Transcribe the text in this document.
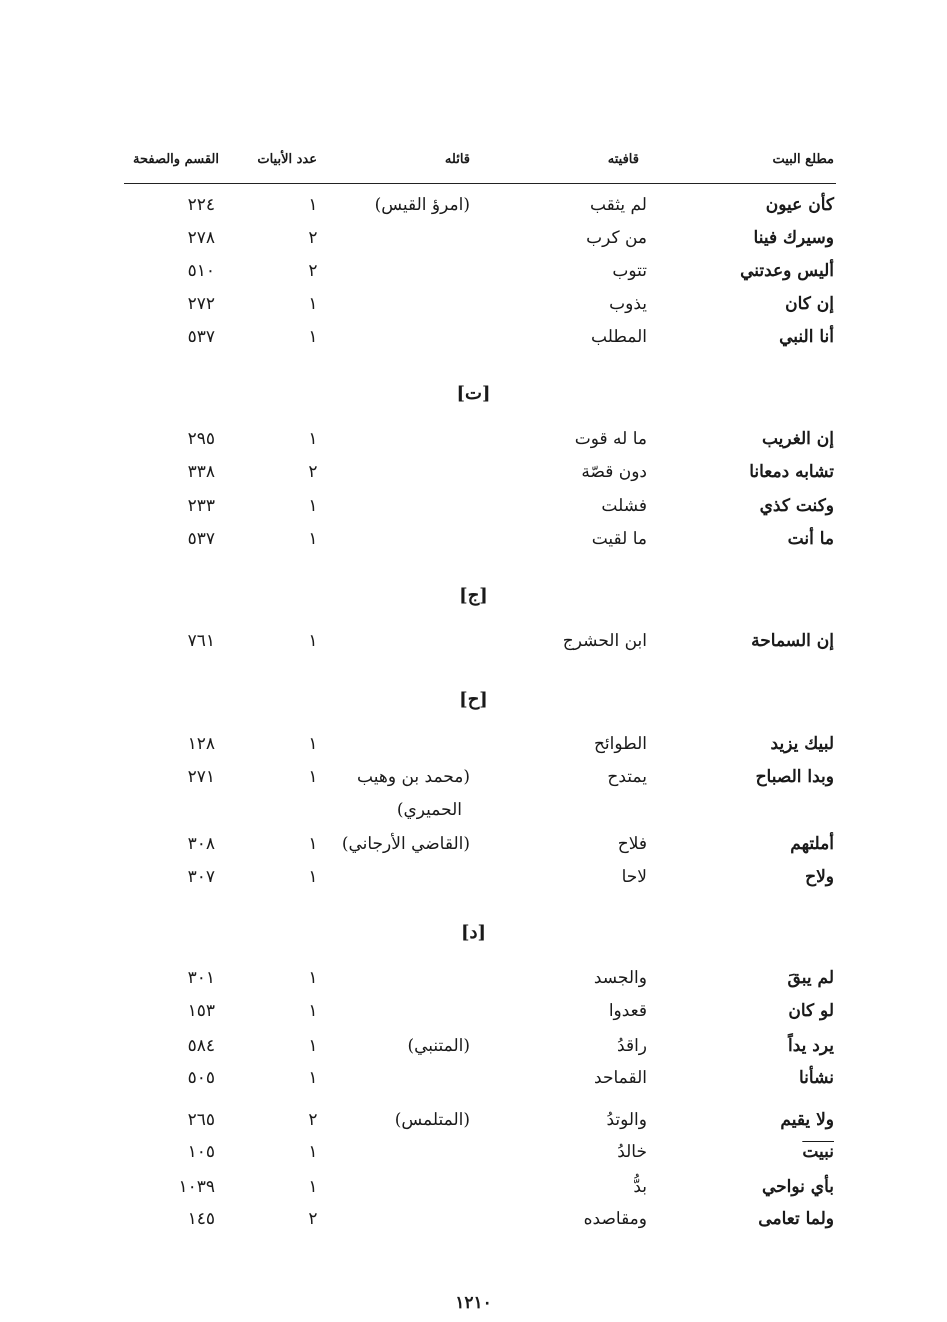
مطلع البيت
قافيته
قائله
عدد الأبيات
القسم والصفحة
كأن عيون
لم يثقب
(امرؤ القيس)
١
٢٢٤
وسيرك فينا
من كرب
٢
٢٧٨
أليس وعدتني
تتوب
٢
٥١٠
إن كان
يذوب
١
٢٧٢
أنا النبي
المطلب
١
٥٣٧
[ت]
إن الغريب
ما له قوت
١
٢٩٥
تشابه دمعانا
دون قصّة
٢
٣٣٨
وكنت كذي
فشلت
١
٢٣٣
ما أنت
ما لقيت
١
٥٣٧
[ج]
إن السماحة
ابن الحشرج
١
٧٦١
[ح]
لبيك يزيد
الطوائح
١
١٢٨
وبدا الصباح
يمتدح
(محمد بن وهيب
١
٢٧١
الحميري)
أملتهم
فلاح
(القاضي الأرجاني)
١
٣٠٨
ولاح
لاحا
١
٣٠٧
[د]
لم يبقَ
والجسد
١
٣٠١
لو كان
قعدوا
١
١٥٣
يرد يداً
راقدُ
(المتنبي)
١
٥٨٤
نشأنا
القماحد
١
٥٠٥
ولا يقيم
والوتدُ
(المتلمس)
٢
٢٦٥
نبيت
خالدُ
١
١٠٥
بأي نواحي
بدُّ
١
١٠٣٩
ولما تعامى
ومقاصده
٢
١٤٥
١٢١٠
